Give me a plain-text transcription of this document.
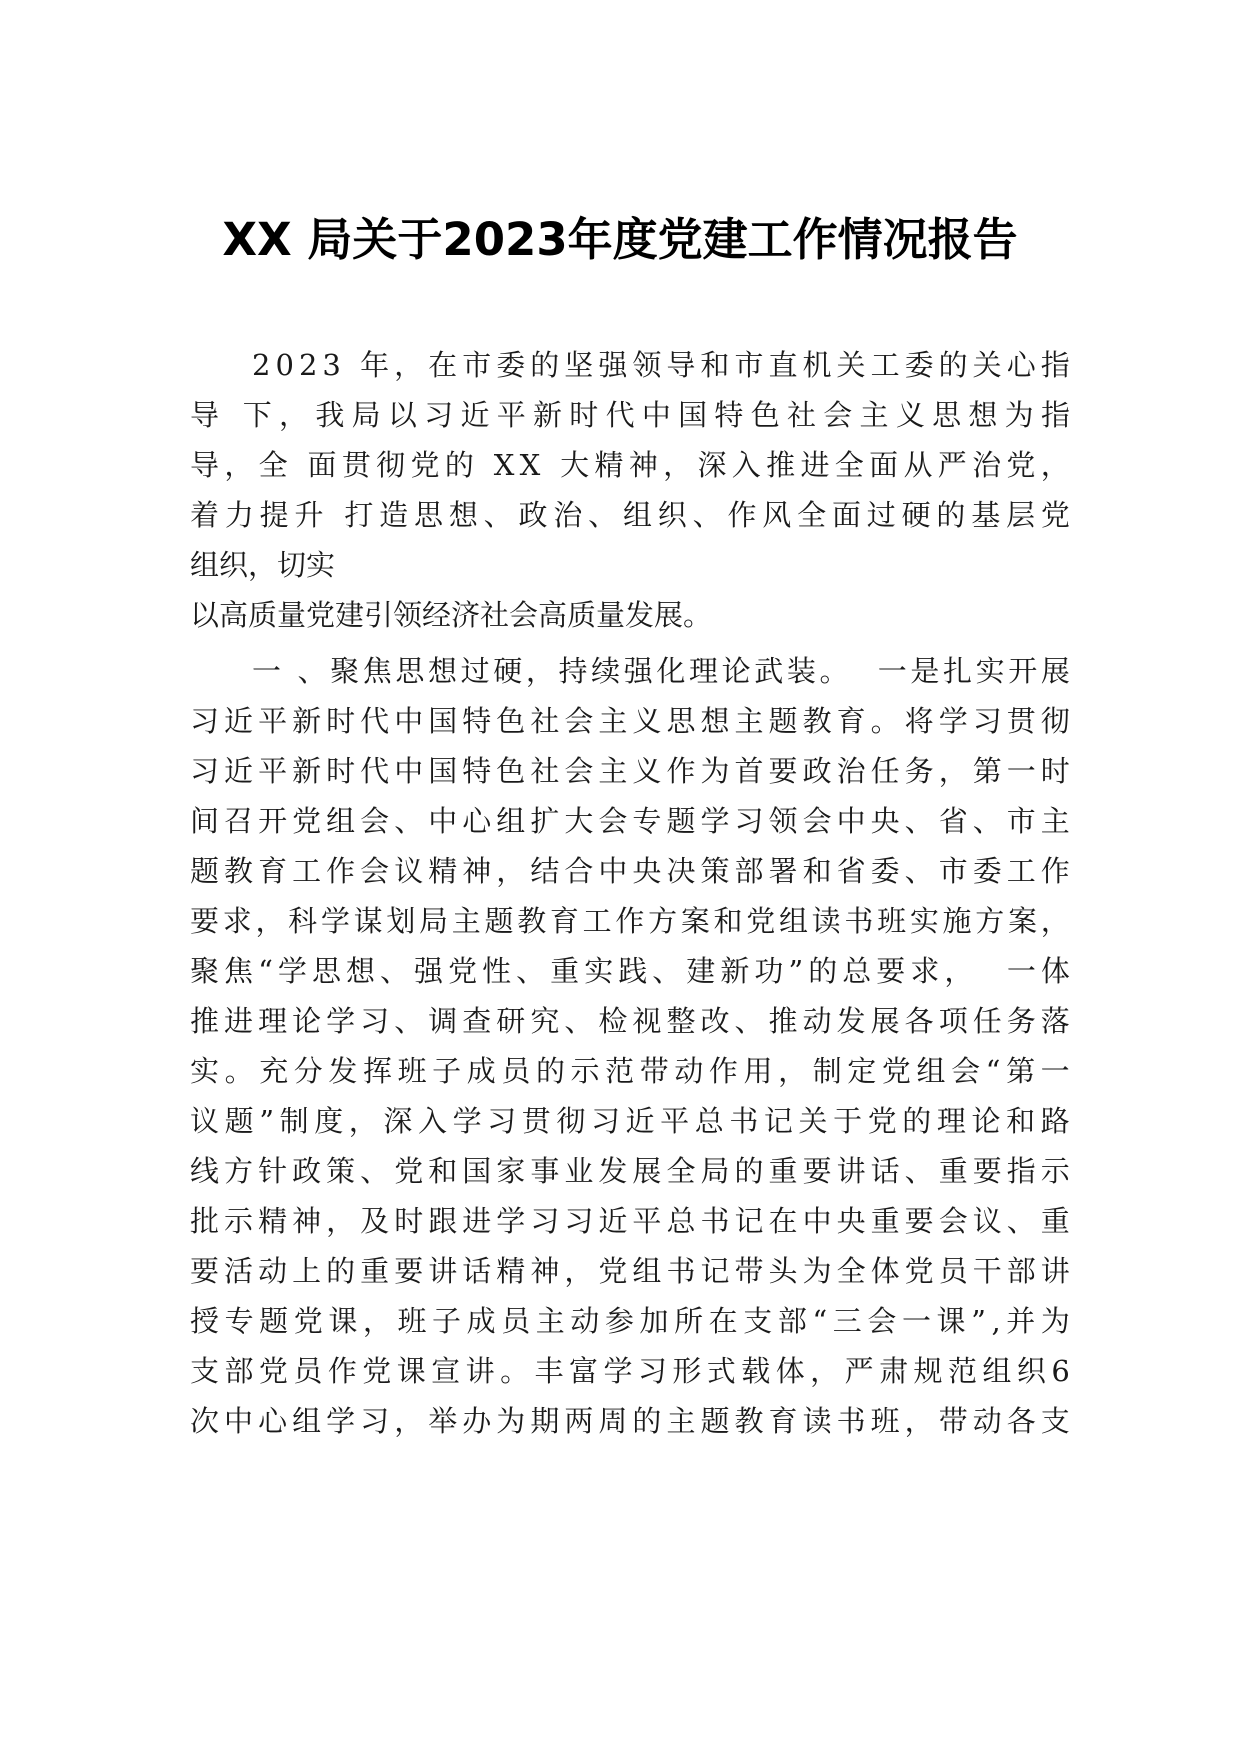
XX 局关于2023年度党建工作情况报告
2 0 2 3
年 ， 在 市 委 的 坚 强 领 导 和 市 直 机 关 工 委 的 关 心 指
导
下 ， 我 局 以 习 近 平 新 时 代 中 国 特 色 社 会 主 义 思 想 为 指
导 ， 全
面 贯 彻 党 的
X X
大 精 神 ， 深 入 推 进 全 面 从 严 治 党 ，
着 力 提 升
打 造 思 想 、 政 治 、 组 织 、 作 风 全 面 过 硬 的 基 层 党
组织，切实
以高质量党建引领经济社会高质量发展。
一
、 聚 焦 思 想 过 硬 ， 持 续 强 化 理 论 武 装 。

一 是 扎 实 开 展
习 近 平 新 时 代 中 国 特 色 社 会 主 义 思 想 主 题 教 育 。 将 学 习 贯 彻
习 近 平 新 时 代 中 国 特 色 社 会 主 义 作 为 首 要 政 治 任 务 ， 第 一 时
间 召 开 党 组 会 、 中 心 组 扩 大 会 专 题 学 习 领 会 中 央 、 省 、 市 主
题 教 育 工 作 会 议 精 神 ， 结 合 中 央 决 策 部 署 和 省 委 、 市 委 工 作
要 求 ， 科 学 谋 划 局 主 题 教 育 工 作 方 案 和 党 组 读 书 班 实 施 方 案 ，
聚 焦 “ 学 思 想 、 强 党 性 、 重 实 践 、 建 新 功 ” 的 总 要 求 ，

一 体
推 进 理 论 学 习 、 调 查 研 究 、 检 视 整 改 、 推 动 发 展 各 项 任 务 落
实 。 充 分 发 挥 班 子 成 员 的 示 范 带 动 作 用 ， 制 定 党 组 会 “ 第 一
议 题 ” 制 度 ， 深 入 学 习 贯 彻 习 近 平 总 书 记 关 于 党 的 理 论 和 路
线 方 针 政 策 、 党 和 国 家 事 业 发 展 全 局 的 重 要 讲 话 、 重 要 指 示
批 示 精 神 ， 及 时 跟 进 学 习 习 近 平 总 书 记 在 中 央 重 要 会 议 、 重
要 活 动 上 的 重 要 讲 话 精 神 ， 党 组 书 记 带 头 为 全 体 党 员 干 部 讲
授 专 题 党 课 ， 班 子 成 员 主 动 参 加 所 在 支 部 “ 三 会 一 课 ” , 并 为
支 部 党 员 作 党 课 宣 讲 。 丰 富 学 习 形 式 载 体 ， 严 肃 规 范 组 织 6
次 中 心 组 学 习 ， 举 办 为 期 两 周 的 主 题 教 育 读 书 班 ， 带 动 各 支
